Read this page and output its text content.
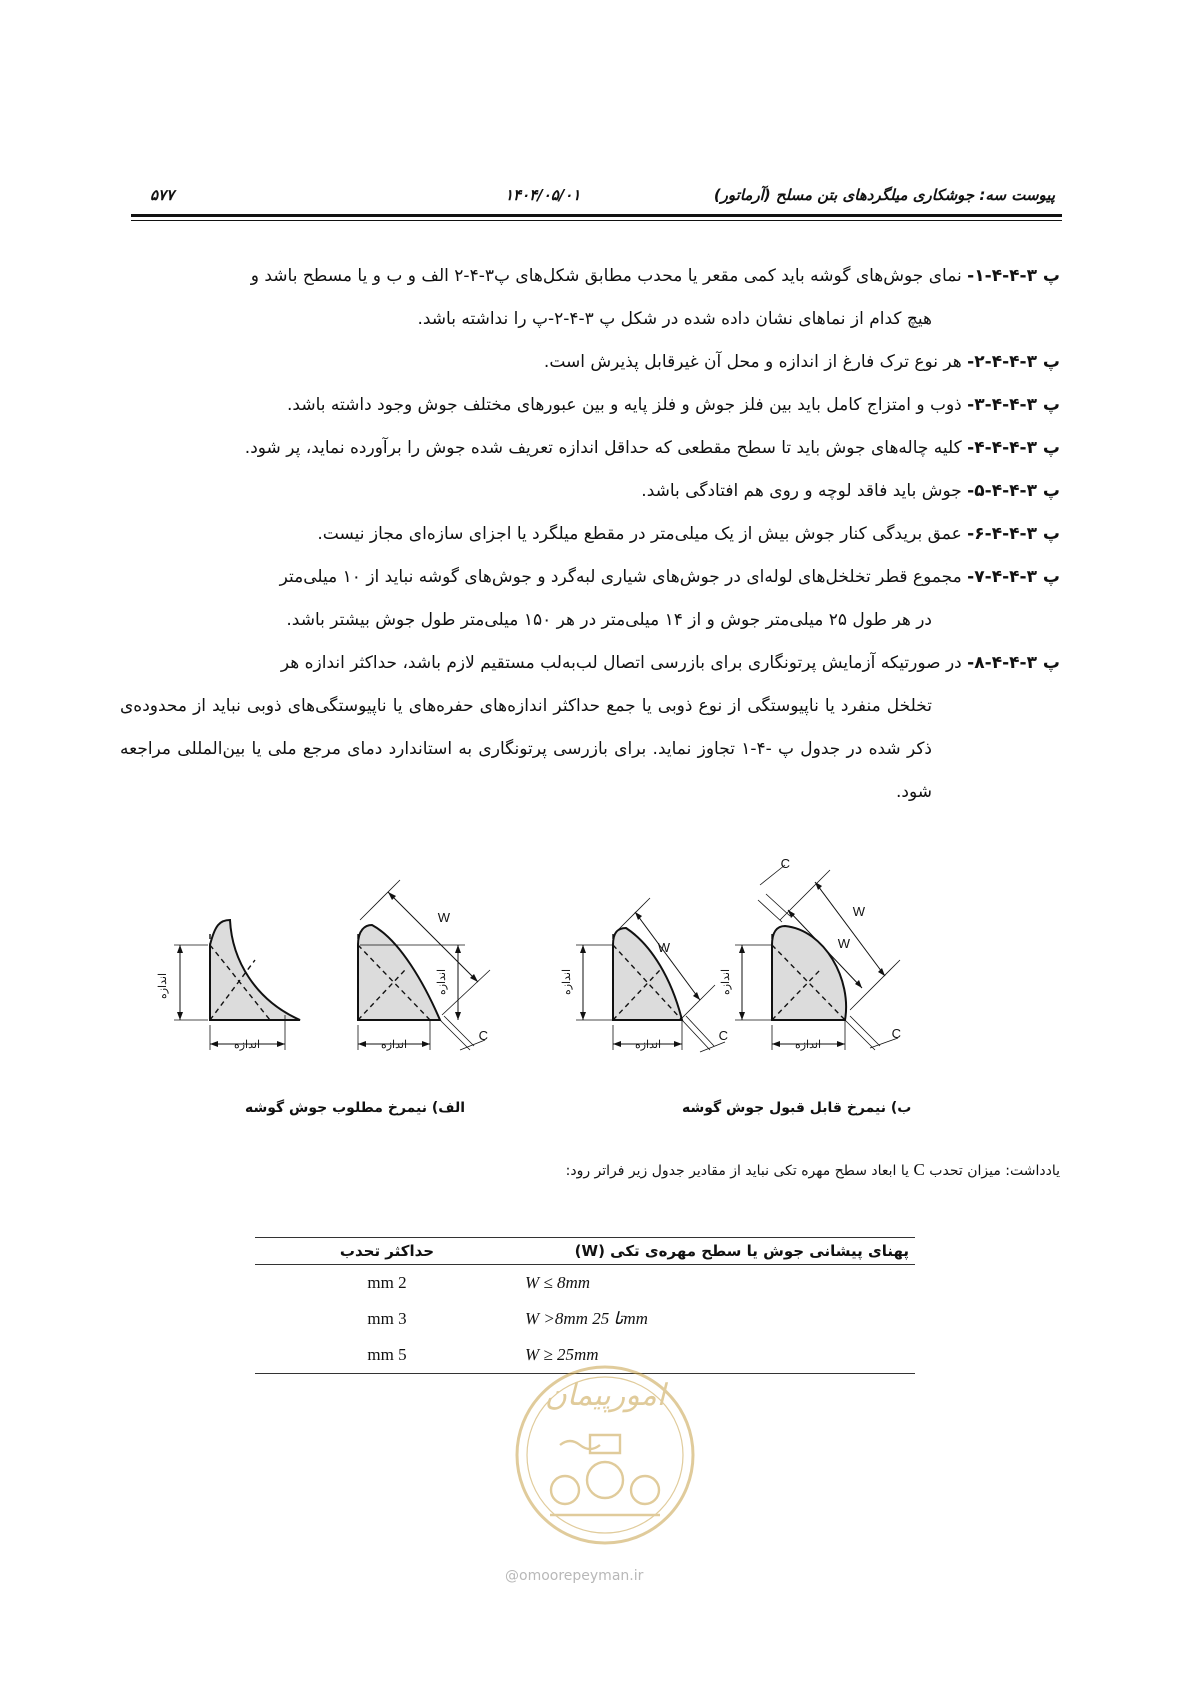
پیوست سه: جوشکاری میلگردهای بتن مسلح (آرماتور)
۱۴۰۴/۰۵/۰۱
۵۷۷
پ ۳-۴-۴-۱- نمای جوش‌های گوشه باید کمی مقعر یا محدب مطابق شکل‌های پ۳-۴-۲ الف و ب و یا مسطح باشد و
هیچ کدام از نماهای نشان داده شده در شکل پ ۳-۴-۲-پ را نداشته باشد.
پ ۳-۴-۴-۲- هر نوع ترک فارغ از اندازه و محل آن غیرقابل پذیرش است.
پ ۳-۴-۴-۳- ذوب و امتزاج کامل باید بین فلز جوش و فلز پایه و بین عبورهای مختلف جوش وجود داشته باشد.
پ ۳-۴-۴-۴- کلیه چاله‌های جوش باید تا سطح مقطعی که حداقل اندازه تعریف شده جوش را برآورده نماید، پر شود.
پ ۳-۴-۴-۵- جوش باید فاقد لوچه و روی هم افتادگی باشد.
پ ۳-۴-۴-۶- عمق بریدگی کنار جوش بیش از یک میلی‌متر در مقطع میلگرد یا اجزای سازه‌ای مجاز نیست.
پ ۳-۴-۴-۷- مجموع قطر تخلخل‌های لوله‌ای در جوش‌های شیاری لبه‌گرد و جوش‌های گوشه نباید از ۱۰ میلی‌متر
در هر طول ۲۵ میلی‌متر جوش و از ۱۴ میلی‌متر در هر ۱۵۰ میلی‌متر طول جوش بیشتر باشد.
پ ۳-۴-۴-۸- در صورتیکه آزمایش پرتونگاری برای بازرسی اتصال لب‌به‌لب مستقیم لازم باشد، حداکثر اندازه هر
تخلخل منفرد یا ناپیوستگی از نوع ذوبی یا جمع حداکثر اندازه‌های حفره‌های یا ناپیوستگی‌های ذوبی نباید از محدوده‌ی ذکر شده در جدول پ -۴-۱ تجاوز نماید. برای بازرسی پرتونگاری به استاندارد دمای مرجع ملی یا بین‌المللی مراجعه شود.
اندازه
اندازه
W
اندازه
اندازه
C
W
اندازه
اندازه
C
C
W
W
اندازه
اندازه
C
الف) نیمرخ مطلوب جوش گوشه	ب) نیمرخ قابل قبول جوش گوشه
یادداشت: میزان تحدب C یا ابعاد سطح مهره تکی نباید از مقادیر جدول زیر فراتر رود:
پهنای پیشانی جوش یا سطح مهره‌ی تکی (W)	حداکثر تحدب
W ≤ 8mm	2 mm
W >8mm تا 25mm	3 mm
W ≥ 25mm	5 mm
امورپیمان
@omoorepeyman.ir
